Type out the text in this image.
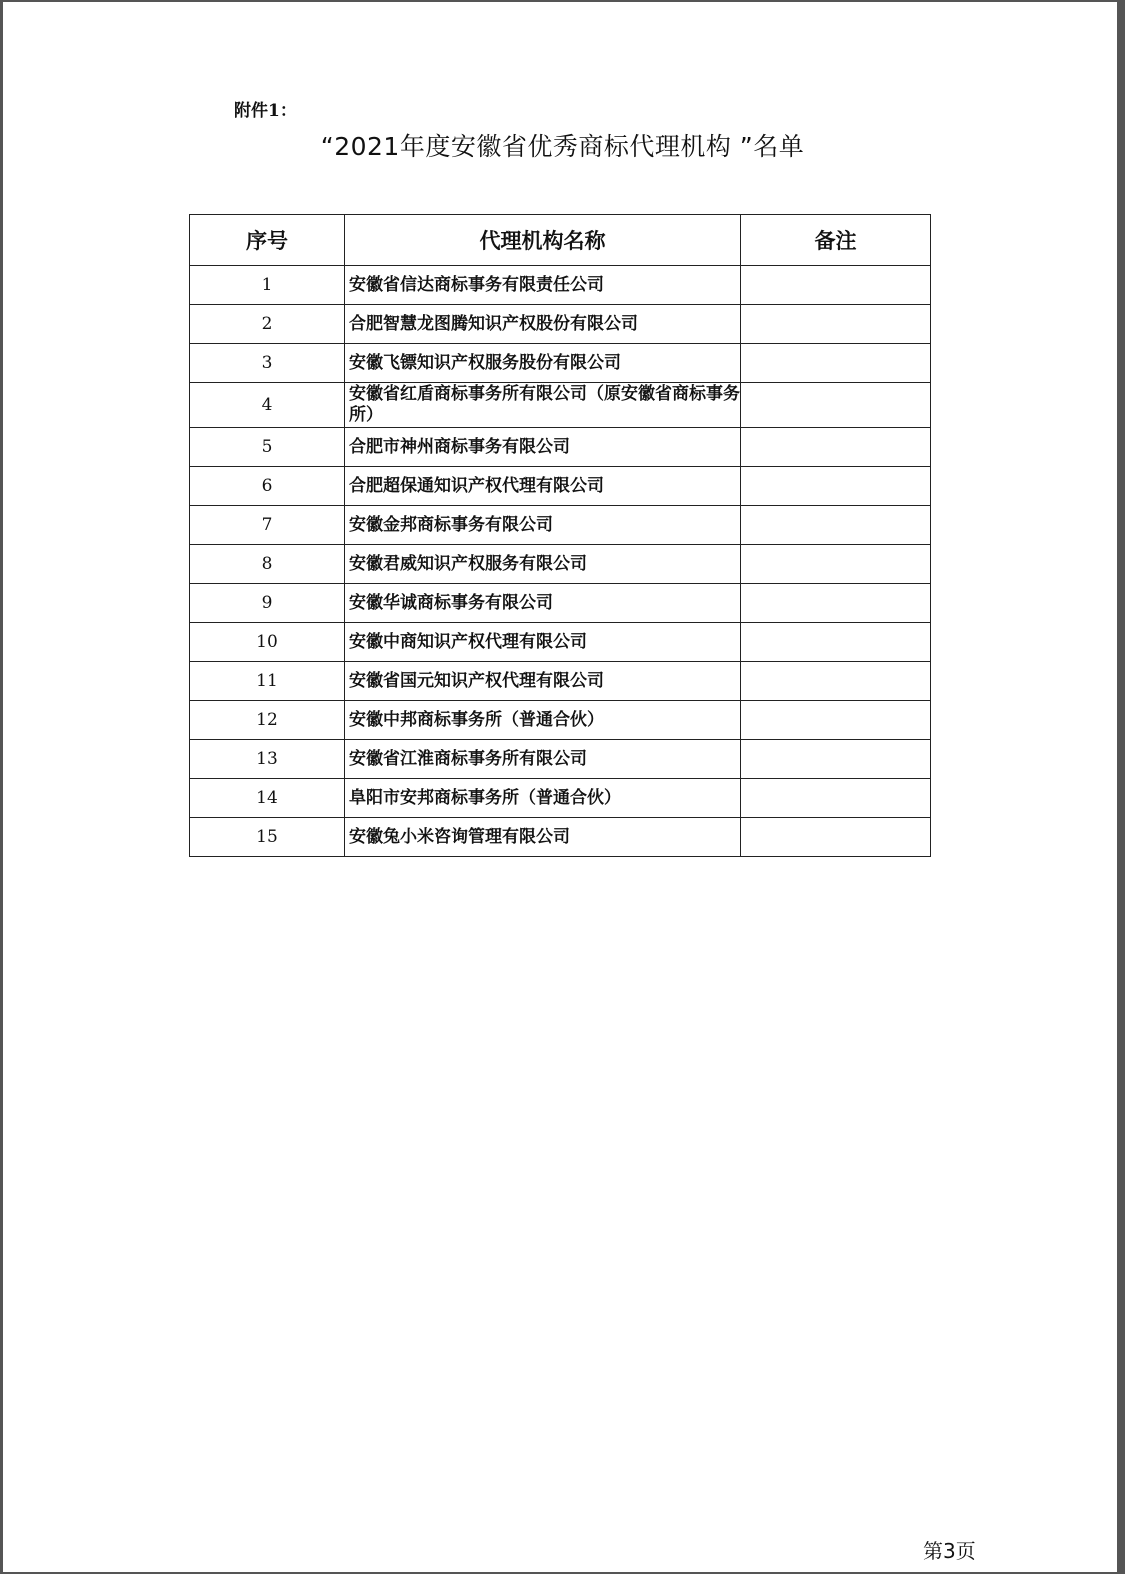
附件1：
“2021年度安徽省优秀商标代理机构 ”名单
序号	代理机构名称	备注
1	安徽省信达商标事务有限责任公司	
2	合肥智慧龙图腾知识产权股份有限公司	
3	安徽飞镖知识产权服务股份有限公司	
4	安徽省红盾商标事务所有限公司（原安徽省商标事务所）	
5	合肥市神州商标事务有限公司	
6	合肥超保通知识产权代理有限公司	
7	安徽金邦商标事务有限公司	
8	安徽君威知识产权服务有限公司	
9	安徽华诚商标事务有限公司	
10	安徽中商知识产权代理有限公司	
11	安徽省国元知识产权代理有限公司	
12	安徽中邦商标事务所（普通合伙）	
13	安徽省江淮商标事务所有限公司	
14	阜阳市安邦商标事务所（普通合伙）	
15	安徽兔小米咨询管理有限公司	
第3页
